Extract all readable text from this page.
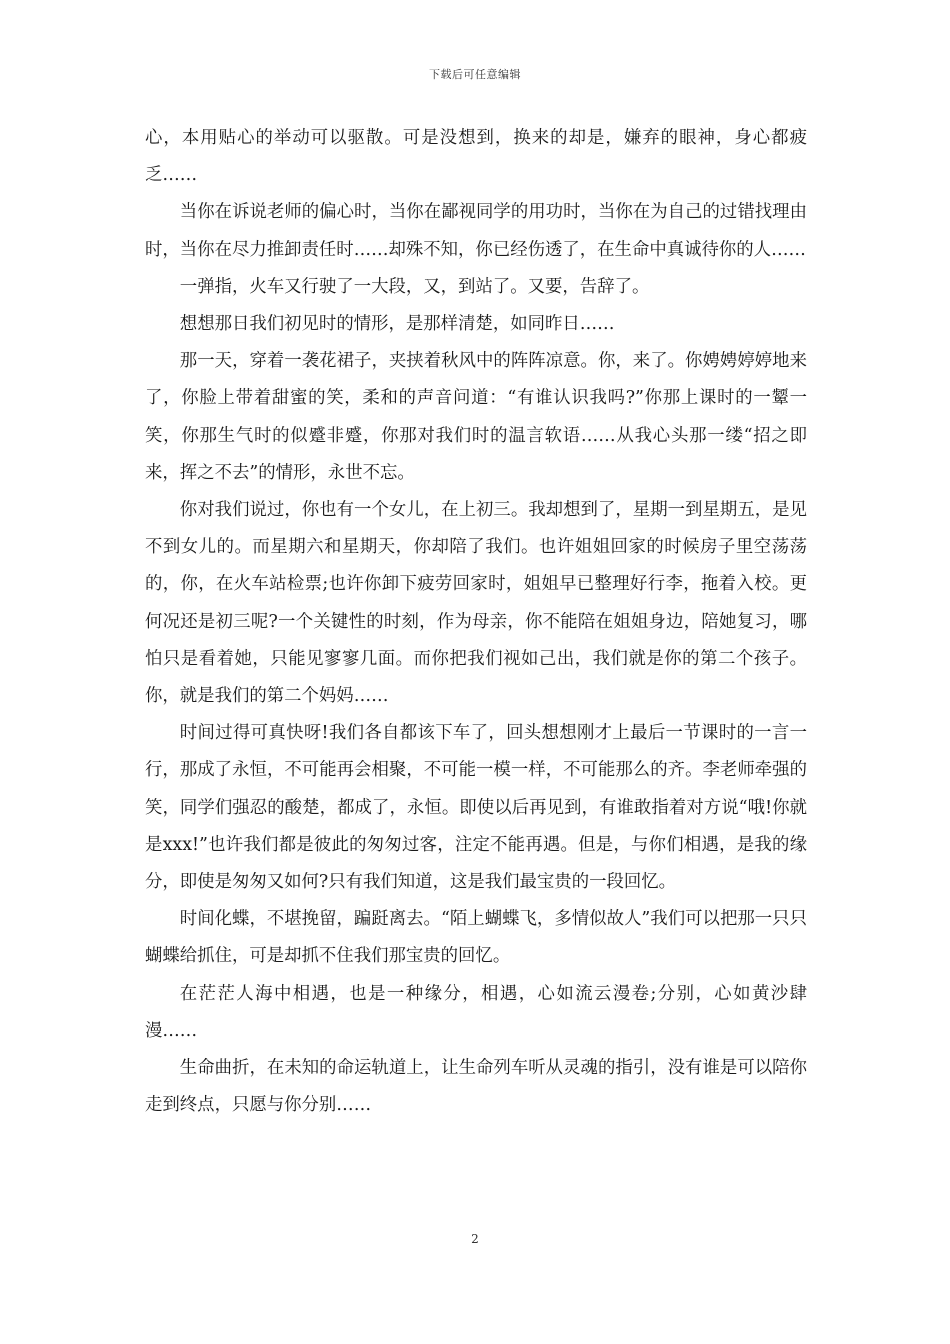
下载后可任意编辑

心，本用贴心的举动可以驱散。可是没想到，换来的却是，嫌弃的眼神，身心都疲乏……

当你在诉说老师的偏心时，当你在鄙视同学的用功时，当你在为自己的过错找理由时，当你在尽力推卸责任时……却殊不知，你已经伤透了，在生命中真诚待你的人……

一弹指，火车又行驶了一大段，又，到站了。又要，告辞了。

想想那日我们初见时的情形，是那样清楚，如同昨日……

那一天，穿着一袭花裙子，夹挟着秋风中的阵阵凉意。你，来了。你娉娉婷婷地来了，你脸上带着甜蜜的笑，柔和的声音问道：“有谁认识我吗?”你那上课时的一颦一笑，你那生气时的似蹙非蹙，你那对我们时的温言软语……从我心头那一缕“招之即来，挥之不去”的情形，永世不忘。

你对我们说过，你也有一个女儿，在上初三。我却想到了，星期一到星期五，是见不到女儿的。而星期六和星期天，你却陪了我们。也许姐姐回家的时候房子里空荡荡的，你，在火车站检票;也许你卸下疲劳回家时，姐姐早已整理好行李，拖着入校。更何况还是初三呢?一个关键性的时刻，作为母亲，你不能陪在姐姐身边，陪她复习，哪怕只是看着她，只能见寥寥几面。而你把我们视如己出，我们就是你的第二个孩子。你，就是我们的第二个妈妈……

时间过得可真快呀!我们各自都该下车了，回头想想刚才上最后一节课时的一言一行，那成了永恒，不可能再会相聚，不可能一模一样，不可能那么的齐。李老师牵强的笑，同学们强忍的酸楚，都成了，永恒。即使以后再见到，有谁敢指着对方说“哦!你就是xxx!”也许我们都是彼此的匆匆过客，注定不能再遇。但是，与你们相遇，是我的缘分，即使是匆匆又如何?只有我们知道，这是我们最宝贵的一段回忆。

时间化蝶，不堪挽留，蹁跹离去。“陌上蝴蝶飞，多情似故人”我们可以把那一只只蝴蝶给抓住，可是却抓不住我们那宝贵的回忆。

在茫茫人海中相遇，也是一种缘分，相遇，心如流云漫卷;分别，心如黄沙肆漫……

生命曲折，在未知的命运轨道上，让生命列车听从灵魂的指引，没有谁是可以陪你走到终点，只愿与你分别……

2
